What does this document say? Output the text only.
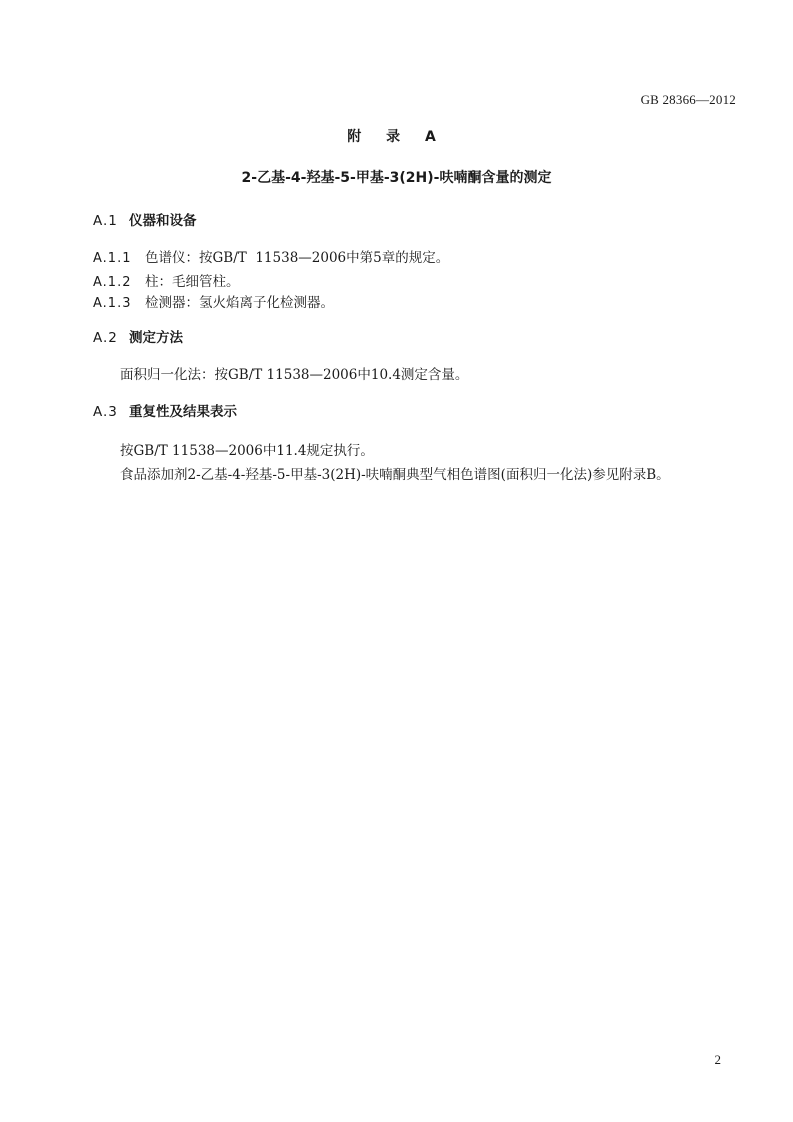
GB 28366—2012
附 录 A
2-乙基-4-羟基-5-甲基-3(2H)-呋喃酮含量的测定
A.1 仪器和设备
A.1.1 色谱仪：按GB/T  11538—2006中第5章的规定。
A.1.2 柱：毛细管柱。
A.1.3 检测器：氢火焰离子化检测器。
A.2 测定方法
面积归一化法：按GB/T 11538—2006中10.4测定含量。
A.3 重复性及结果表示
按GB/T 11538—2006中11.4规定执行。
食品添加剂2-乙基-4-羟基-5-甲基-3(2H)-呋喃酮典型气相色谱图(面积归一化法)参见附录B。
2
